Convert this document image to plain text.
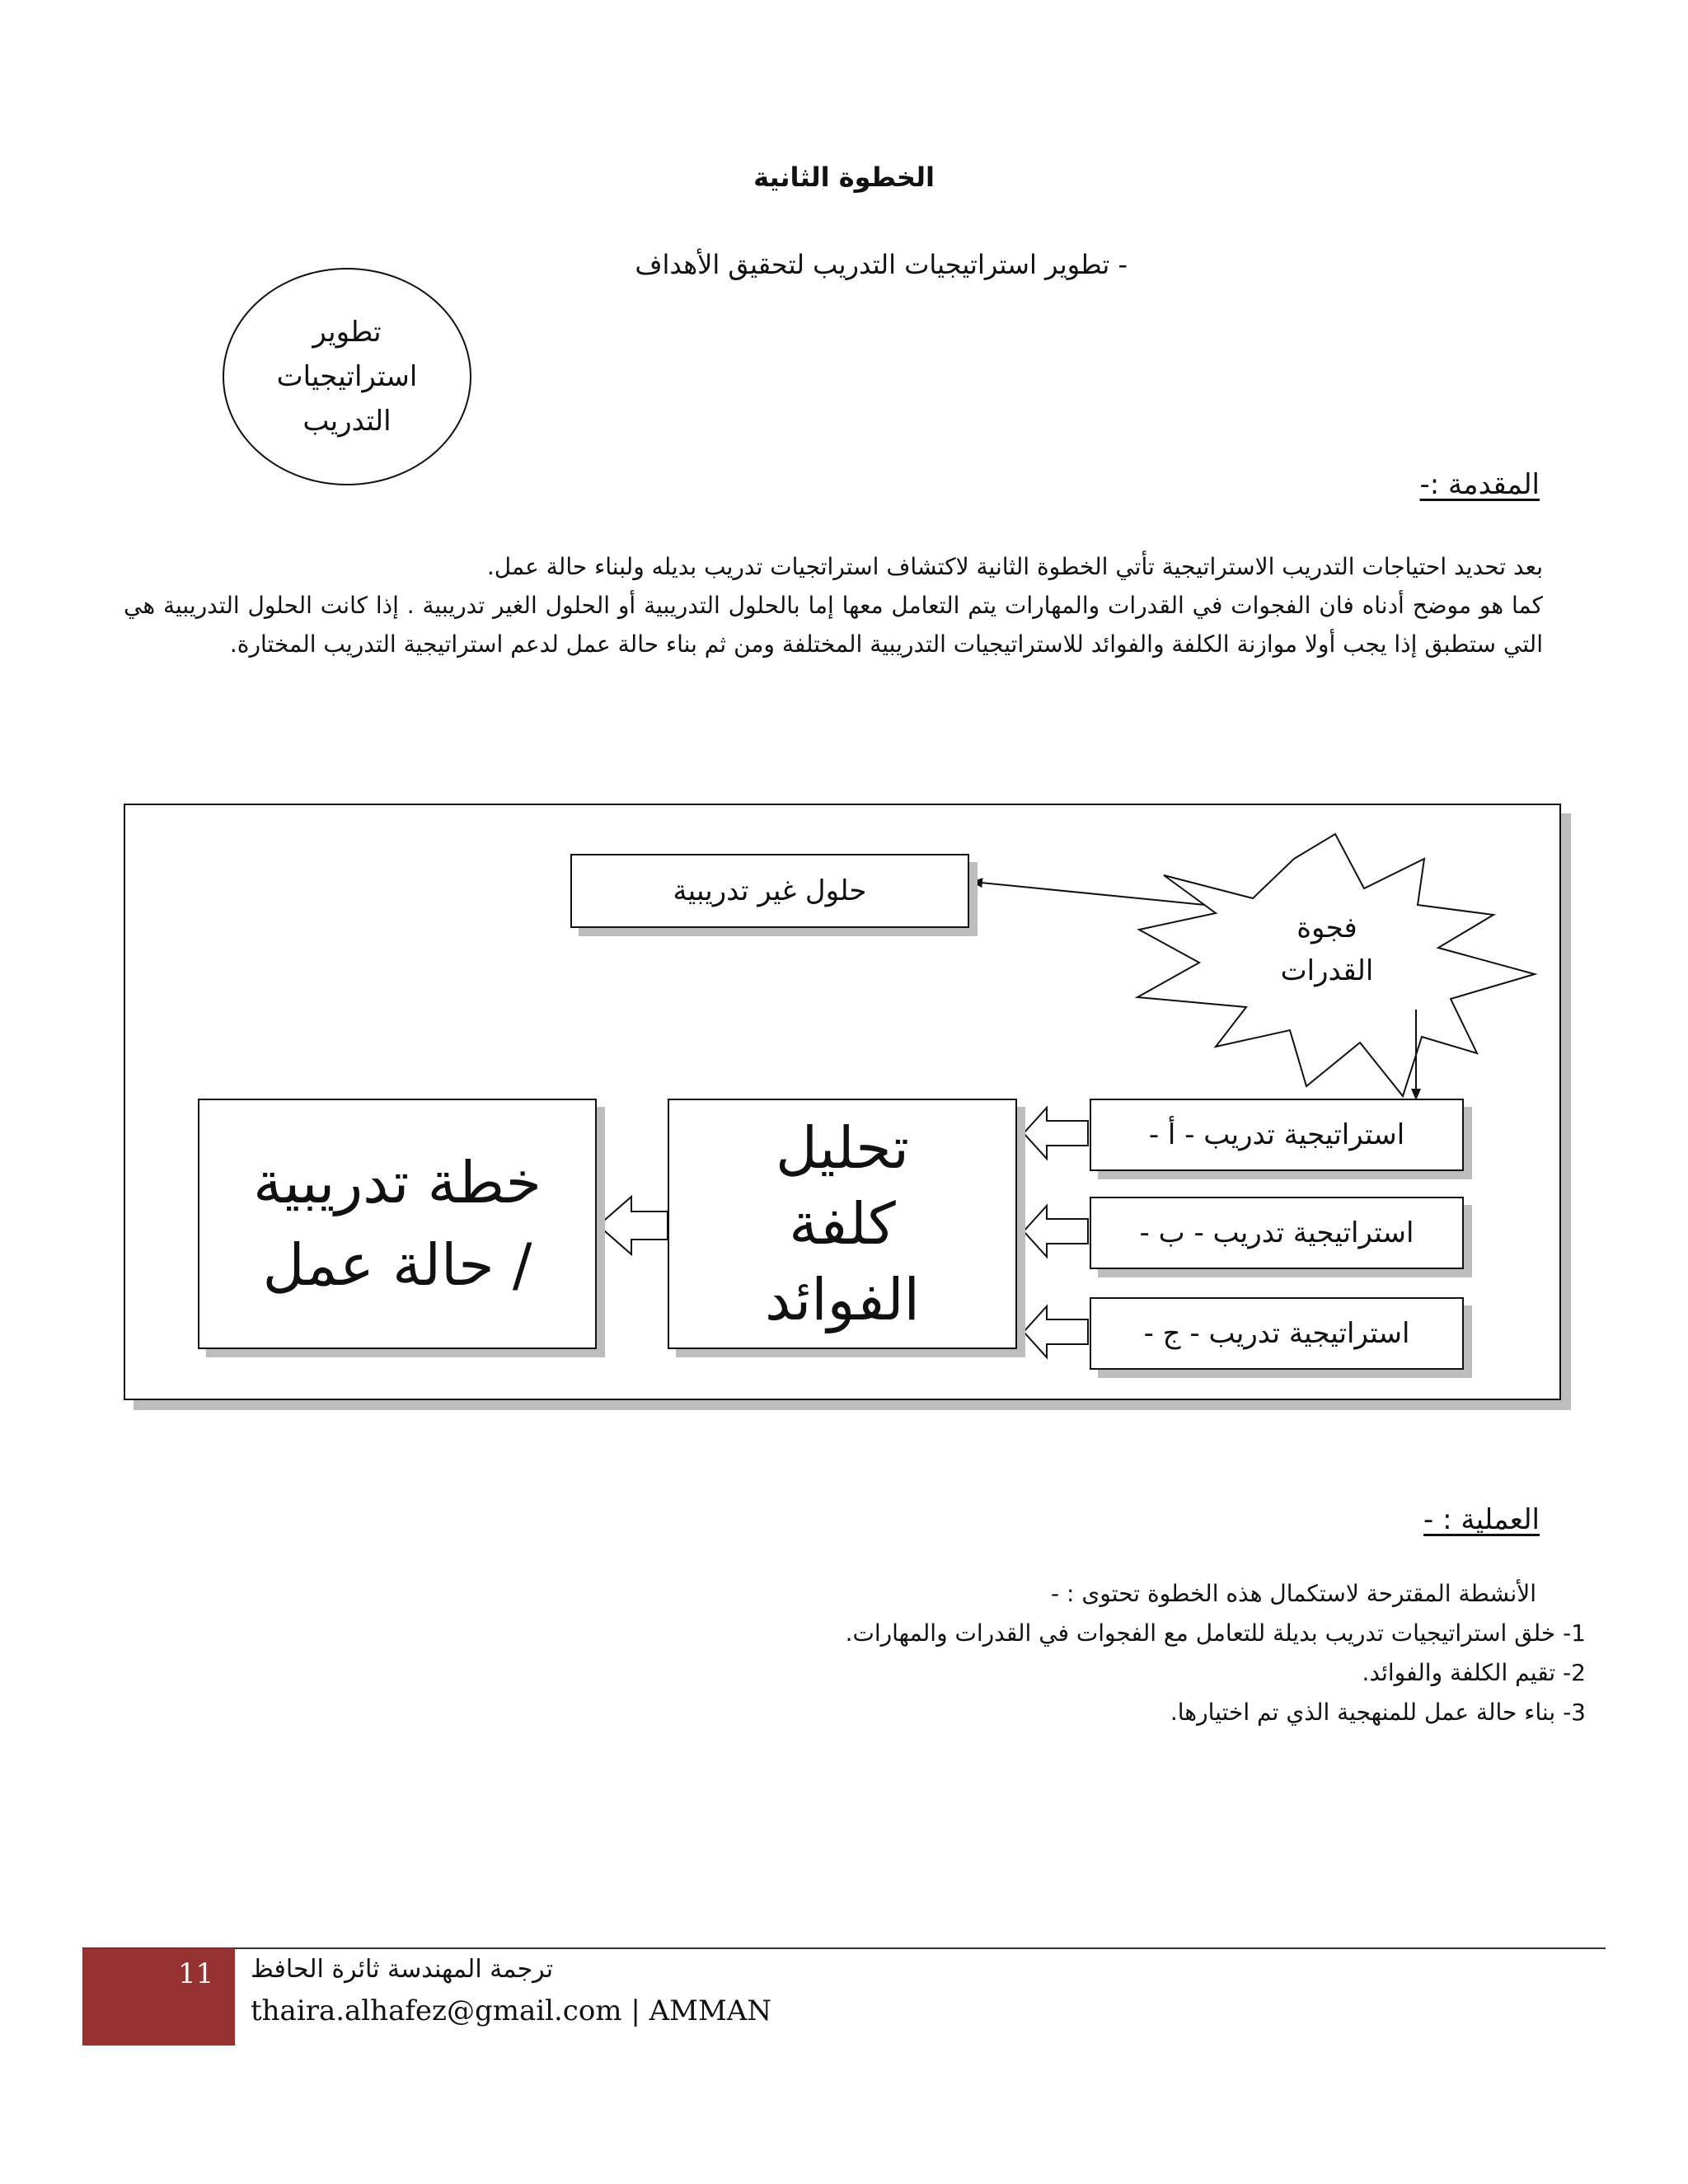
الخطوة الثانية
- تطوير استراتيجيات التدريب لتحقيق الأهداف
تطوير
استراتيجيات
التدريب
المقدمة :-

بعد تحديد احتياجات التدريب الاستراتيجية تأتي الخطوة الثانية لاكتشاف استراتجيات تدريب بديله ولبناء حالة عمل.

كما هو موضح أدناه فان الفجوات في القدرات والمهارات يتم التعامل معها إما بالحلول التدريبية أو الحلول الغير تدريبية . إذا كانت الحلول التدريبية هي التي ستطبق إذا يجب أولا موازنة الكلفة والفوائد للاستراتيجيات التدريبية المختلفة ومن ثم بناء حالة عمل لدعم استراتيجية التدريب المختارة.

حلول غير تدريبية
فجوة
القدرات
استراتيجية تدريب - أ -
استراتيجية تدريب - ب -
استراتيجية تدريب - ج -
تحليل
كلفة
الفوائد
خطة تدريبية
/ حالة عمل
العملية : -

الأنشطة المقترحة لاستكمال هذه الخطوة تحتوى : -

1- خلق استراتيجيات تدريب بديلة للتعامل مع الفجوات في القدرات والمهارات.

2- تقيم الكلفة والفوائد.

3- بناء حالة عمل للمنهجية الذي تم اختيارها.

11 ترجمة المهندسة ثائرة الحافظ
thaira.alhafez@gmail.com | AMMAN
